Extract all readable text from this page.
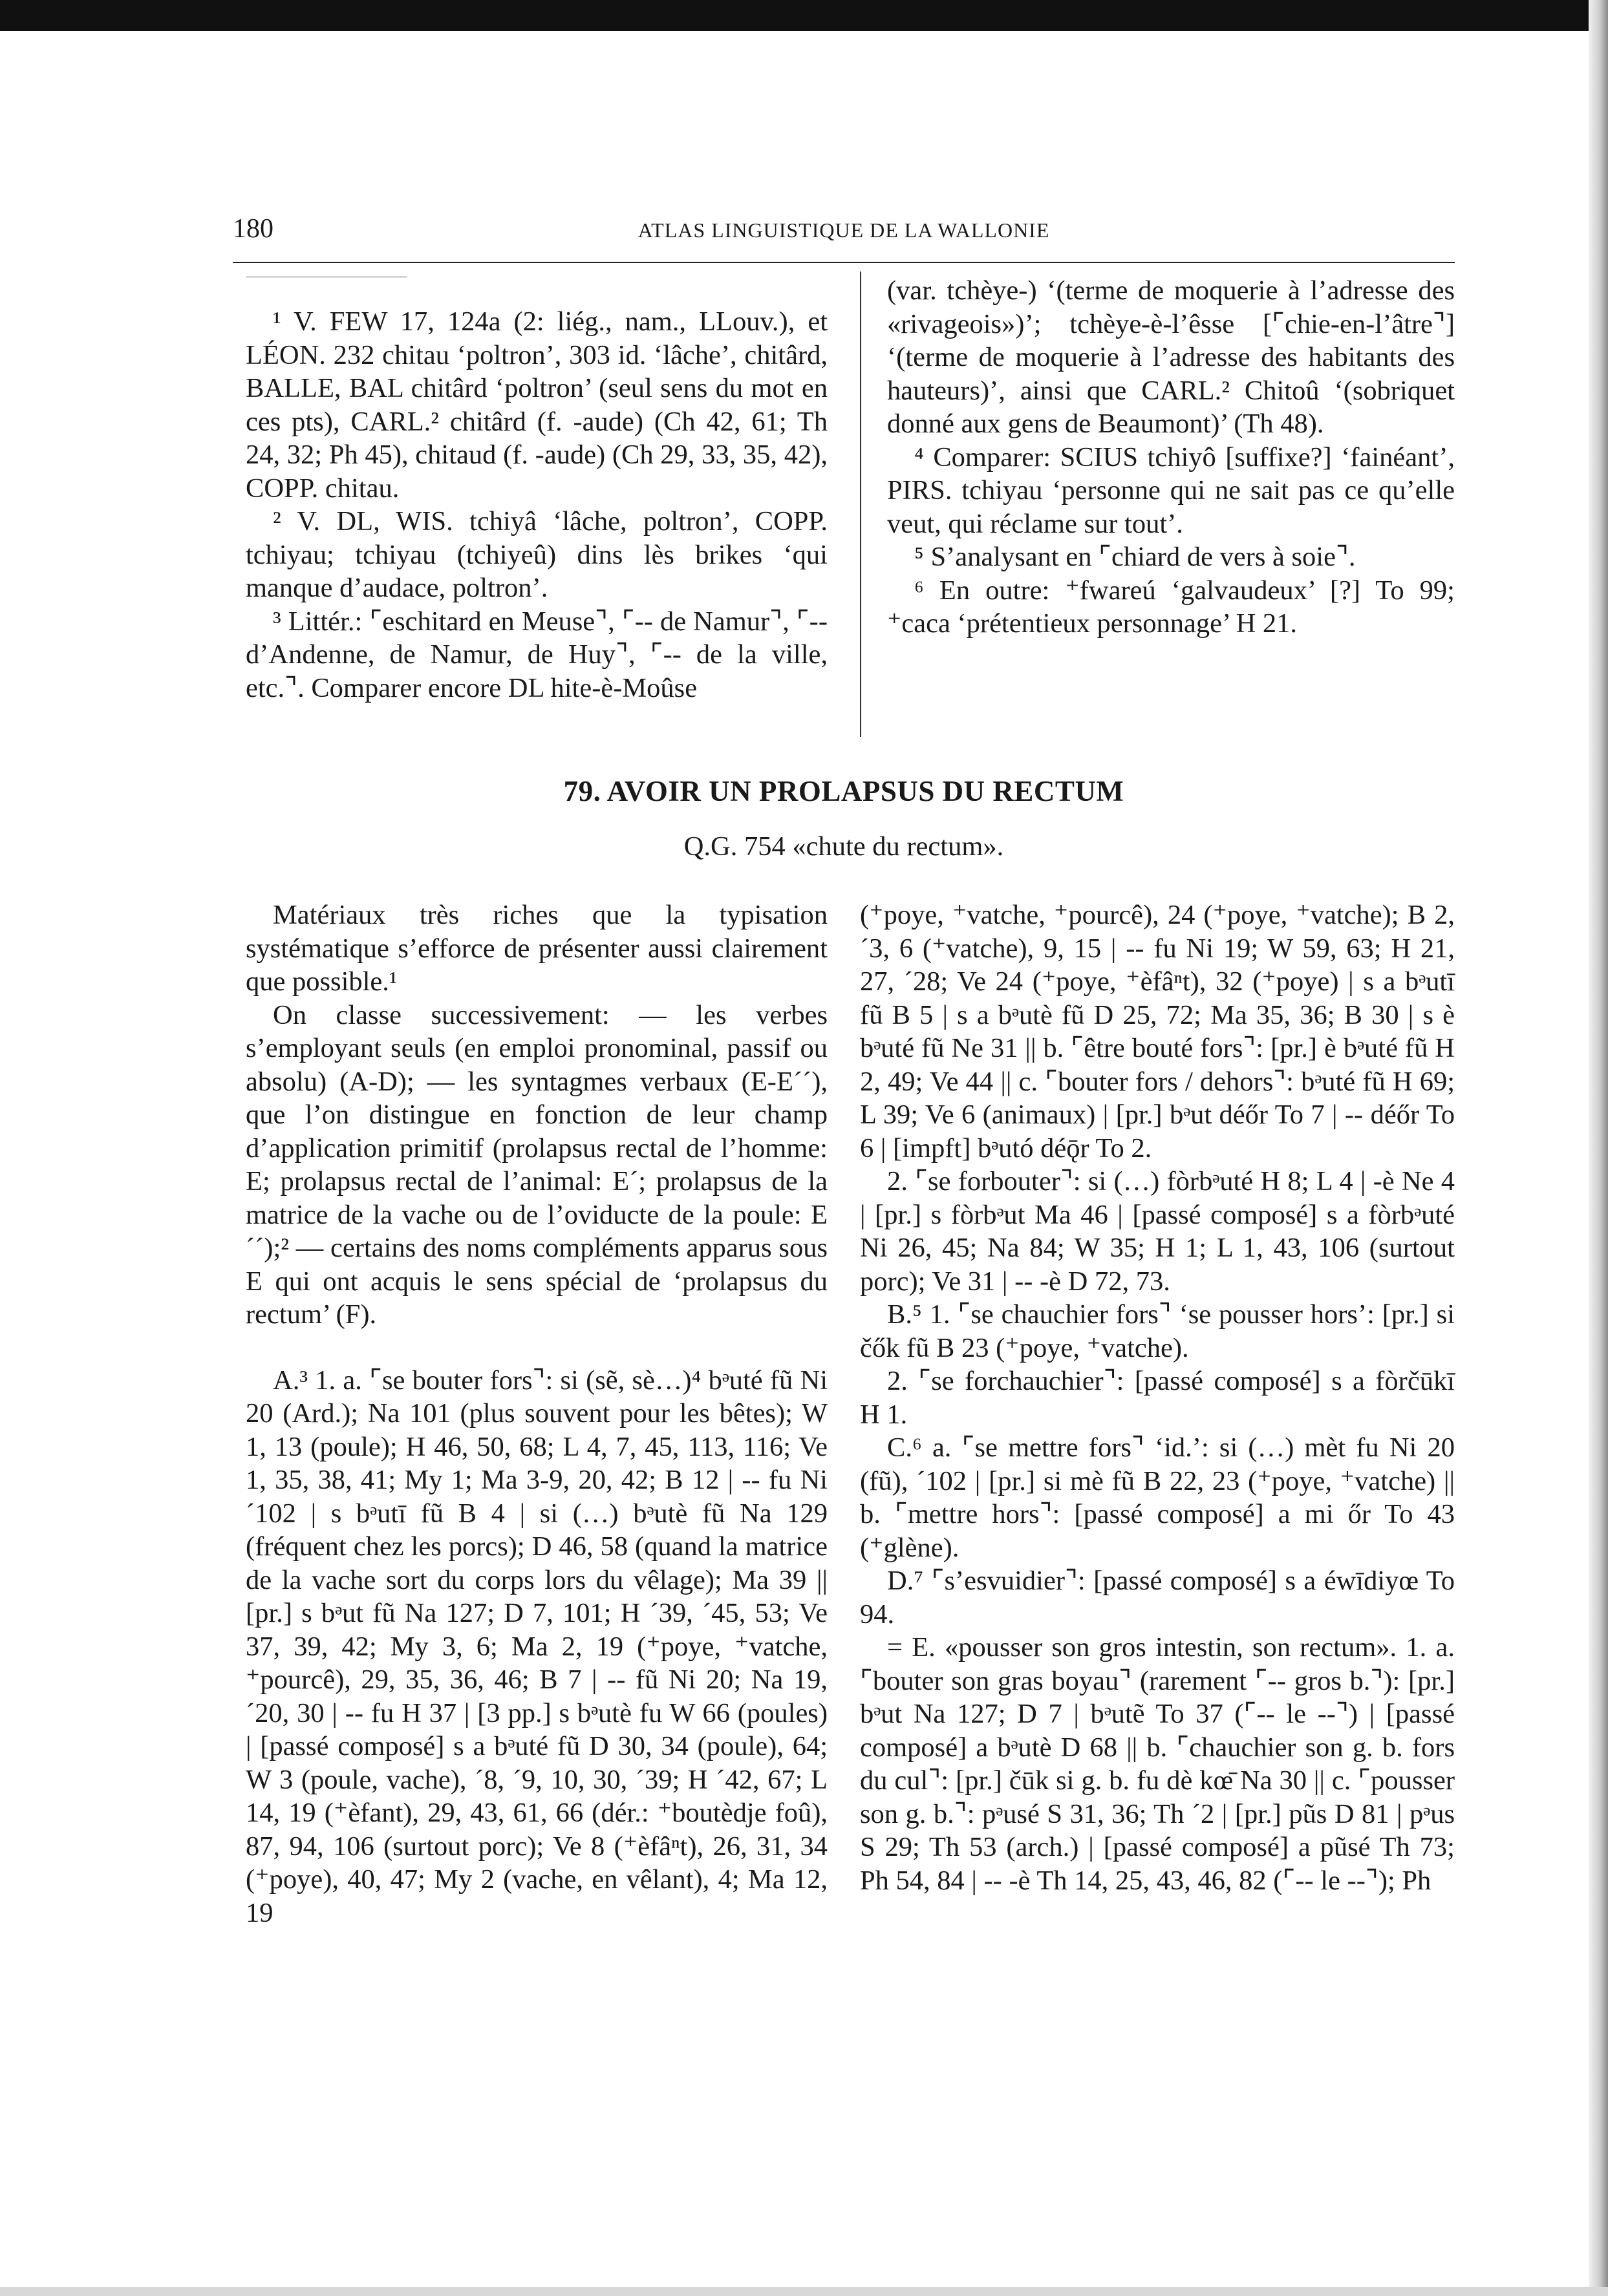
180	ATLAS LINGUISTIQUE DE LA WALLONIE

¹ V. FEW 17, 124a (2: liég., nam., LLouv.), et LÉON. 232 chitau ‘poltron’, 303 id. ‘lâche’, chitârd, BALLE, BAL chitârd ‘poltron’ (seul sens du mot en ces pts), CARL.² chitârd (f. -aude) (Ch 42, 61; Th 24, 32; Ph 45), chitaud (f. -aude) (Ch 29, 33, 35, 42), COPP. chitau.

² V. DL, WIS. tchiyâ ‘lâche, poltron’, COPP. tchiyau; tchiyau (tchiyeû) dins lès brikes ‘qui manque d’audace, poltron’.

³ Littér.: ⌜eschitard en Meuse⌝, ⌜-- de Namur⌝, ⌜-- d’Andenne, de Namur, de Huy⌝, ⌜-- de la ville, etc.⌝. Comparer encore DL hite-è-Moûse

(var. tchèye-) ‘(terme de moquerie à l’adresse des «rivageois»)’; tchèye-è-l’êsse [⌜chie-en-l’âtre⌝] ‘(terme de moquerie à l’adresse des habitants des hauteurs)’, ainsi que CARL.² Chitoû ‘(sobriquet donné aux gens de Beaumont)’ (Th 48).

⁴ Comparer: SCIUS tchiyô [suffixe?] ‘fainéant’, PIRS. tchiyau ‘personne qui ne sait pas ce qu’elle veut, qui réclame sur tout’.

⁵ S’analysant en ⌜chiard de vers à soie⌝.

⁶ En outre: ⁺fwareú ‘galvaudeux’ [?] To 99; ⁺caca ‘prétentieux personnage’ H 21.

79. AVOIR UN PROLAPSUS DU RECTUM
Q.G. 754 «chute du rectum».

Matériaux très riches que la typisation systématique s’efforce de présenter aussi clairement que possible.¹

On classe successivement: — les verbes s’employant seuls (en emploi pronominal, passif ou absolu) (A-D); — les syntagmes verbaux (E-E´´), que l’on distingue en fonction de leur champ d’application primitif (prolapsus rectal de l’homme: E; prolapsus rectal de l’animal: E´; prolapsus de la matrice de la vache ou de l’oviducte de la poule: E´´);² — certains des noms compléments apparus sous E qui ont acquis le sens spécial de ‘prolapsus du rectum’ (F).

A.³ 1. a. ⌜se bouter fors⌝: si (sẽ, sè…)⁴ bᵊuté fũ Ni 20 (Ard.); Na 101 (plus souvent pour les bêtes); W 1, 13 (poule); H 46, 50, 68; L 4, 7, 45, 113, 116; Ve 1, 35, 38, 41; My 1; Ma 3-9, 20, 42; B 12 | -- fu Ni ´102 | s bᵊutī fũ B 4 | si (…) bᵊutè fũ Na 129 (fréquent chez les porcs); D 46, 58 (quand la matrice de la vache sort du corps lors du vêlage); Ma 39 || [pr.] s bᵊut fũ Na 127; D 7, 101; H ´39, ´45, 53; Ve 37, 39, 42; My 3, 6; Ma 2, 19 (⁺poye, ⁺vatche, ⁺pourcê), 29, 35, 36, 46; B 7 | -- fũ Ni 20; Na 19, ´20, 30 | -- fu H 37 | [3 pp.] s bᵊutè fu W 66 (poules) | [passé composé] s a bᵊuté fũ D 30, 34 (poule), 64; W 3 (poule, vache), ´8, ´9, 10, 30, ´39; H ´42, 67; L 14, 19 (⁺èfant), 29, 43, 61, 66 (dér.: ⁺boutèdje foû), 87, 94, 106 (surtout porc); Ve 8 (⁺èfâⁿt), 26, 31, 34 (⁺poye), 40, 47; My 2 (vache, en vêlant), 4; Ma 12, 19

(⁺poye, ⁺vatche, ⁺pourcê), 24 (⁺poye, ⁺vatche); B 2, ´3, 6 (⁺vatche), 9, 15 | -- fu Ni 19; W 59, 63; H 21, 27, ´28; Ve 24 (⁺poye, ⁺èfâⁿt), 32 (⁺poye) | s a bᵊutī fũ B 5 | s a bᵊutè fũ D 25, 72; Ma 35, 36; B 30 | s è bᵊuté fũ Ne 31 || b. ⌜être bouté fors⌝: [pr.] è bᵊuté fũ H 2, 49; Ve 44 || c. ⌜bouter fors / dehors⌝: bᵊuté fũ H 69; L 39; Ve 6 (animaux) | [pr.] bᵊut déőr To 7 | -- déőr To 6 | [impft] bᵊutó déǭr To 2.

2. ⌜se forbouter⌝: si (…) fòrbᵊuté H 8; L 4 | -è Ne 4 | [pr.] s fòrbᵊut Ma 46 | [passé composé] s a fòrbᵊuté Ni 26, 45; Na 84; W 35; H 1; L 1, 43, 106 (surtout porc); Ve 31 | -- -è D 72, 73.

B.⁵ 1. ⌜se chauchier fors⌝ ‘se pousser hors’: [pr.] si čők fũ B 23 (⁺poye, ⁺vatche).

2. ⌜se forchauchier⌝: [passé composé] s a fòrčūkī H 1.

C.⁶ a. ⌜se mettre fors⌝ ‘id.’: si (…) mèt fu Ni 20 (fũ), ´102 | [pr.] si mè fũ B 22, 23 (⁺poye, ⁺vatche) || b. ⌜mettre hors⌝: [passé composé] a mi őr To 43 (⁺glène).

D.⁷ ⌜s’esvuidier⌝: [passé composé] s a éwīdiyœ To 94.

= E. «pousser son gros intestin, son rectum». 1. a. ⌜bouter son gras boyau⌝ (rarement ⌜-- gros b.⌝): [pr.] bᵊut Na 127; D 7 | bᵊutẽ To 37 (⌜-- le --⌝) | [passé composé] a bᵊutè D 68 || b. ⌜chauchier son g. b. fors du cul⌝: [pr.] čūk si g. b. fu dè kœ̄ Na 30 || c. ⌜pousser son g. b.⌝: pᵊusé S 31, 36; Th ´2 | [pr.] pũs D 81 | pᵊus S 29; Th 53 (arch.) | [passé composé] a pũsé Th 73; Ph 54, 84 | -- -è Th 14, 25, 43, 46, 82 (⌜-- le --⌝); Ph
